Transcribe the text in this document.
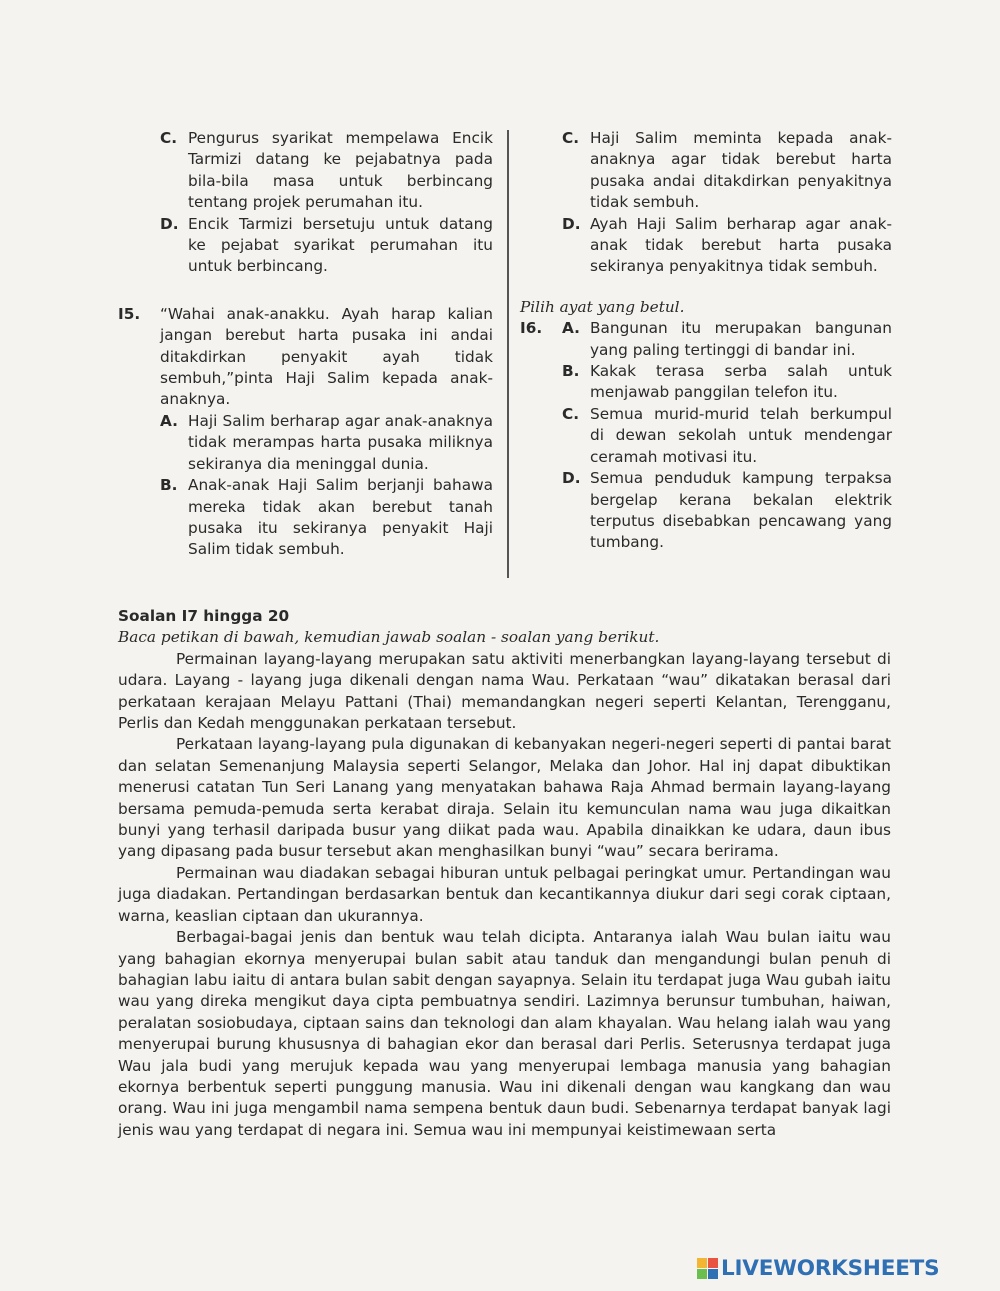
C. Pengurus syarikat mempelawa Encik Tarmizi datang ke pejabatnya pada bila-bila masa untuk berbincang tentang projek perumahan itu.
D. Encik Tarmizi bersetuju untuk datang ke pejabat syarikat perumahan itu untuk berbincang.
I5.	“Wahai anak-anakku. Ayah harap kalian jangan berebut harta pusaka ini andai ditakdirkan penyakit ayah tidak sembuh,”pinta Haji Salim kepada anak-anaknya.
A. Haji Salim berharap agar anak-anaknya tidak merampas harta pusaka miliknya sekiranya dia meninggal dunia.
B. Anak-anak Haji Salim berjanji bahawa mereka tidak akan berebut tanah pusaka itu sekiranya penyakit Haji Salim tidak sembuh.
C. Haji Salim meminta kepada anak-anaknya agar tidak berebut harta pusaka andai ditakdirkan penyakitnya tidak sembuh.
D. Ayah Haji Salim berharap agar anak-anak tidak berebut harta pusaka sekiranya penyakitnya tidak sembuh.
Pilih ayat yang betul.
I6.	A. Bangunan itu merupakan bangunan yang paling tertinggi di bandar ini.
B. Kakak terasa serba salah untuk menjawab panggilan telefon itu.
C. Semua murid-murid telah berkumpul di dewan sekolah untuk mendengar ceramah motivasi itu.
D. Semua penduduk kampung terpaksa bergelap kerana bekalan elektrik terputus disebabkan pencawang yang tumbang.
Soalan I7 hingga 20
Baca petikan di bawah, kemudian jawab soalan - soalan yang berikut.

Permainan layang-layang merupakan satu aktiviti menerbangkan layang-layang tersebut di udara. Layang - layang juga dikenali dengan nama Wau. Perkataan “wau” dikatakan berasal dari perkataan kerajaan Melayu Pattani (Thai) memandangkan negeri seperti Kelantan, Terengganu, Perlis dan Kedah menggunakan perkataan tersebut.

Perkataan layang-layang pula digunakan di kebanyakan negeri-negeri seperti di pantai barat dan selatan Semenanjung Malaysia seperti Selangor, Melaka dan Johor. Hal inj dapat dibuktikan menerusi catatan Tun Seri Lanang yang menyatakan bahawa Raja Ahmad bermain layang-layang bersama pemuda-pemuda serta kerabat diraja. Selain itu kemunculan nama wau juga dikaitkan bunyi yang terhasil daripada busur yang diikat pada wau. Apabila dinaikkan ke udara, daun ibus yang dipasang pada busur tersebut akan menghasilkan bunyi “wau” secara berirama.

Permainan wau diadakan sebagai hiburan untuk pelbagai peringkat umur. Pertandingan wau juga diadakan. Pertandingan berdasarkan bentuk dan kecantikannya diukur dari segi corak ciptaan, warna, keaslian ciptaan dan ukurannya.

Berbagai-bagai jenis dan bentuk wau telah dicipta. Antaranya ialah Wau bulan iaitu wau yang bahagian ekornya menyerupai bulan sabit atau tanduk dan mengandungi bulan penuh di bahagian labu iaitu di antara bulan sabit dengan sayapnya. Selain itu terdapat juga Wau gubah iaitu wau yang direka mengikut daya cipta pembuatnya sendiri. Lazimnya berunsur tumbuhan, haiwan, peralatan sosiobudaya, ciptaan sains dan teknologi dan alam khayalan. Wau helang ialah wau yang menyerupai burung khususnya di bahagian ekor dan berasal dari Perlis. Seterusnya terdapat juga Wau jala budi yang merujuk kepada wau yang menyerupai lembaga manusia yang bahagian ekornya berbentuk seperti punggung manusia. Wau ini dikenali dengan wau kangkang dan wau orang. Wau ini juga mengambil nama sempena bentuk daun budi. Sebenarnya terdapat banyak lagi jenis wau yang terdapat di negara ini. Semua wau ini mempunyai keistimewaan serta

LIVEWORKSHEETS
